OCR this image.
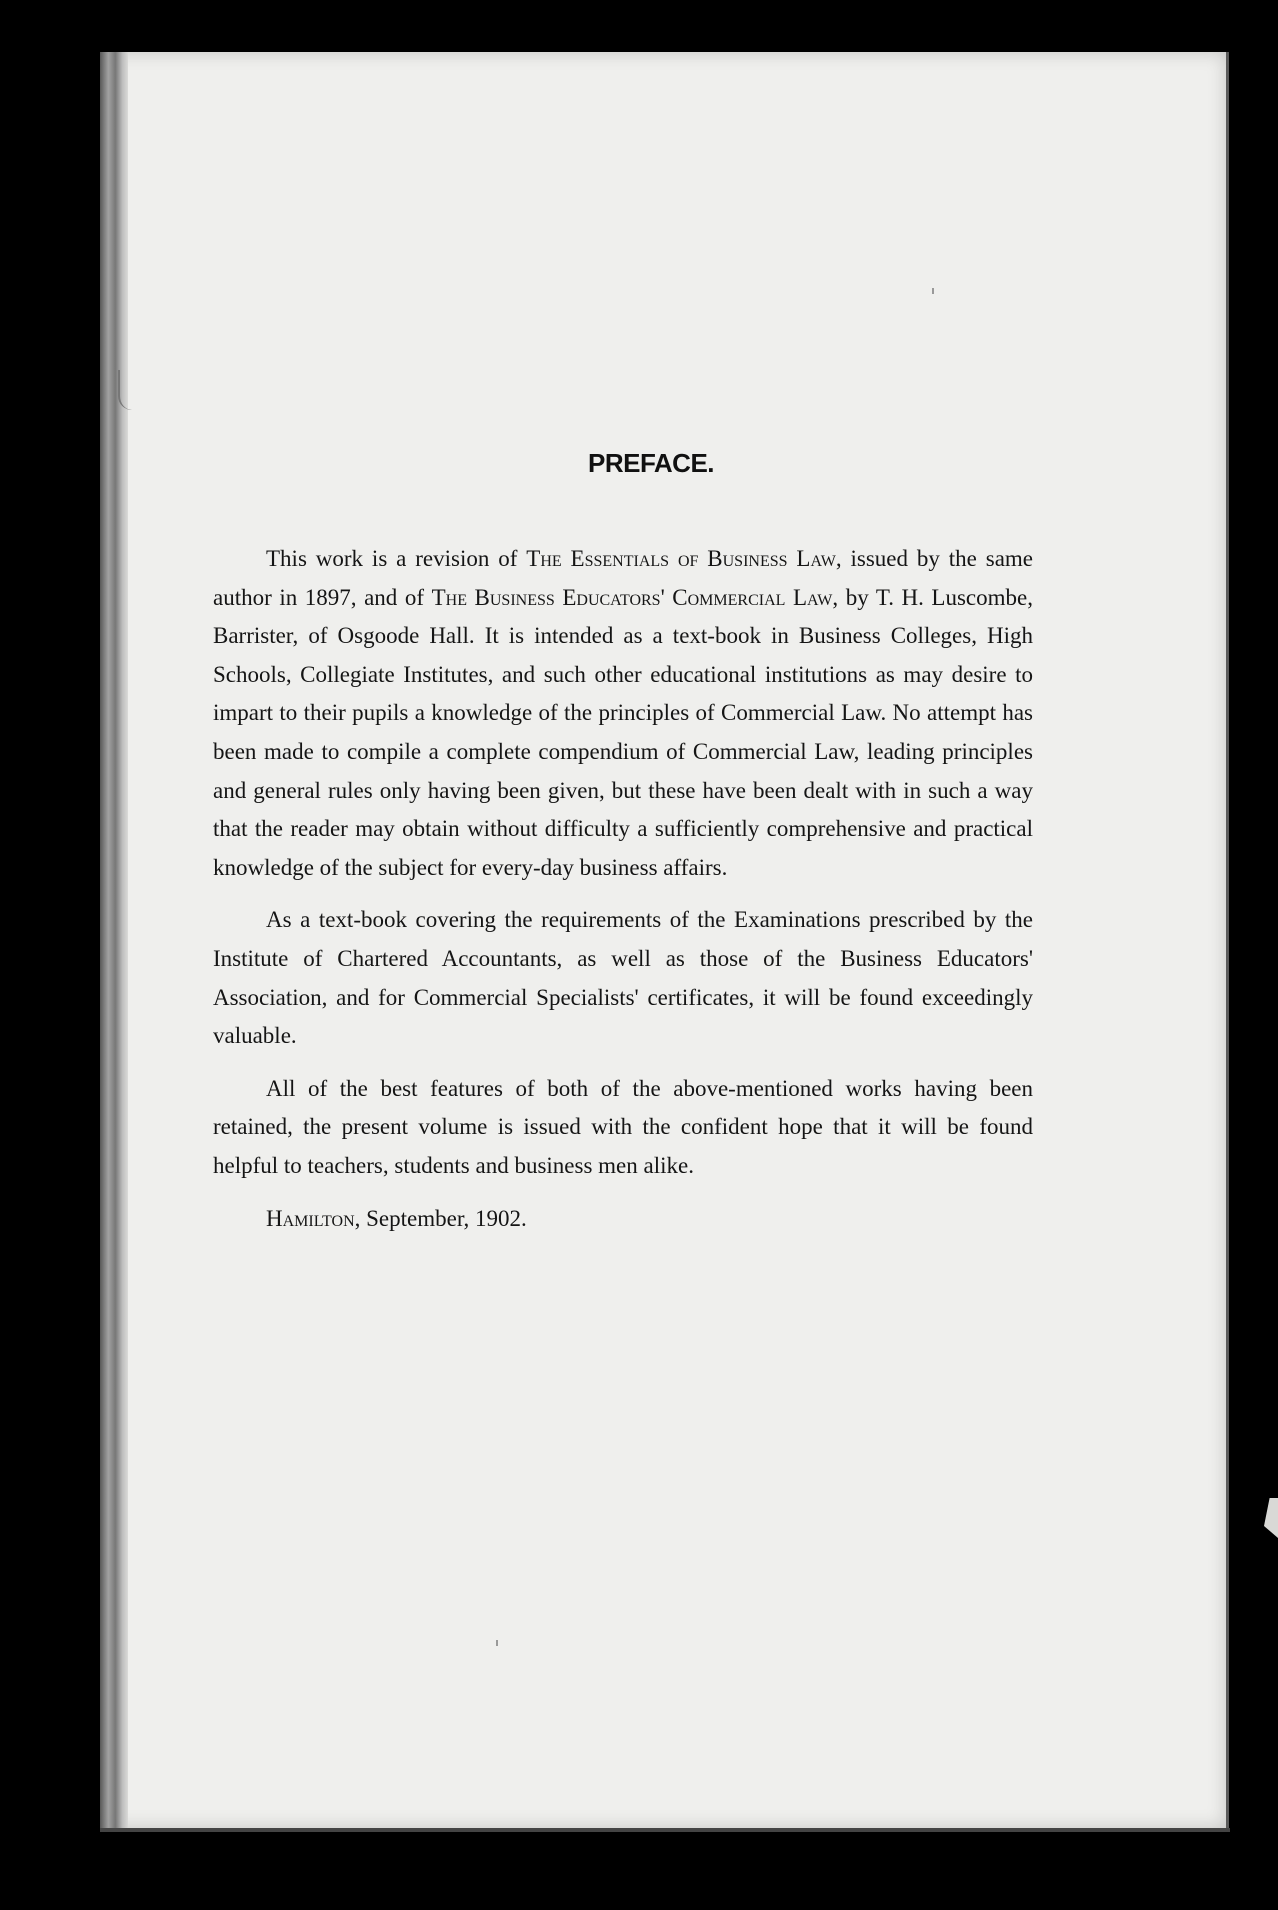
PREFACE.

This work is a revision of The Essentials of Business Law, issued by the same author in 1897, and of The Business Educators' Commercial Law, by T. H. Luscombe, Barrister, of Osgoode Hall. It is intended as a text-book in Business Colleges, High Schools, Collegiate Institutes, and such other educational institutions as may desire to impart to their pupils a knowledge of the principles of Commercial Law. No attempt has been made to compile a complete compendium of Commercial Law, leading principles and general rules only having been given, but these have been dealt with in such a way that the reader may obtain without difficulty a sufficiently comprehensive and practical knowledge of the subject for every-day business affairs.

As a text-book covering the requirements of the Examinations prescribed by the Institute of Chartered Accountants, as well as those of the Business Educators' Association, and for Commercial Specialists' certificates, it will be found exceedingly valuable.

All of the best features of both of the above-mentioned works having been retained, the present volume is issued with the confident hope that it will be found helpful to teachers, students and business men alike.

Hamilton, September, 1902.
